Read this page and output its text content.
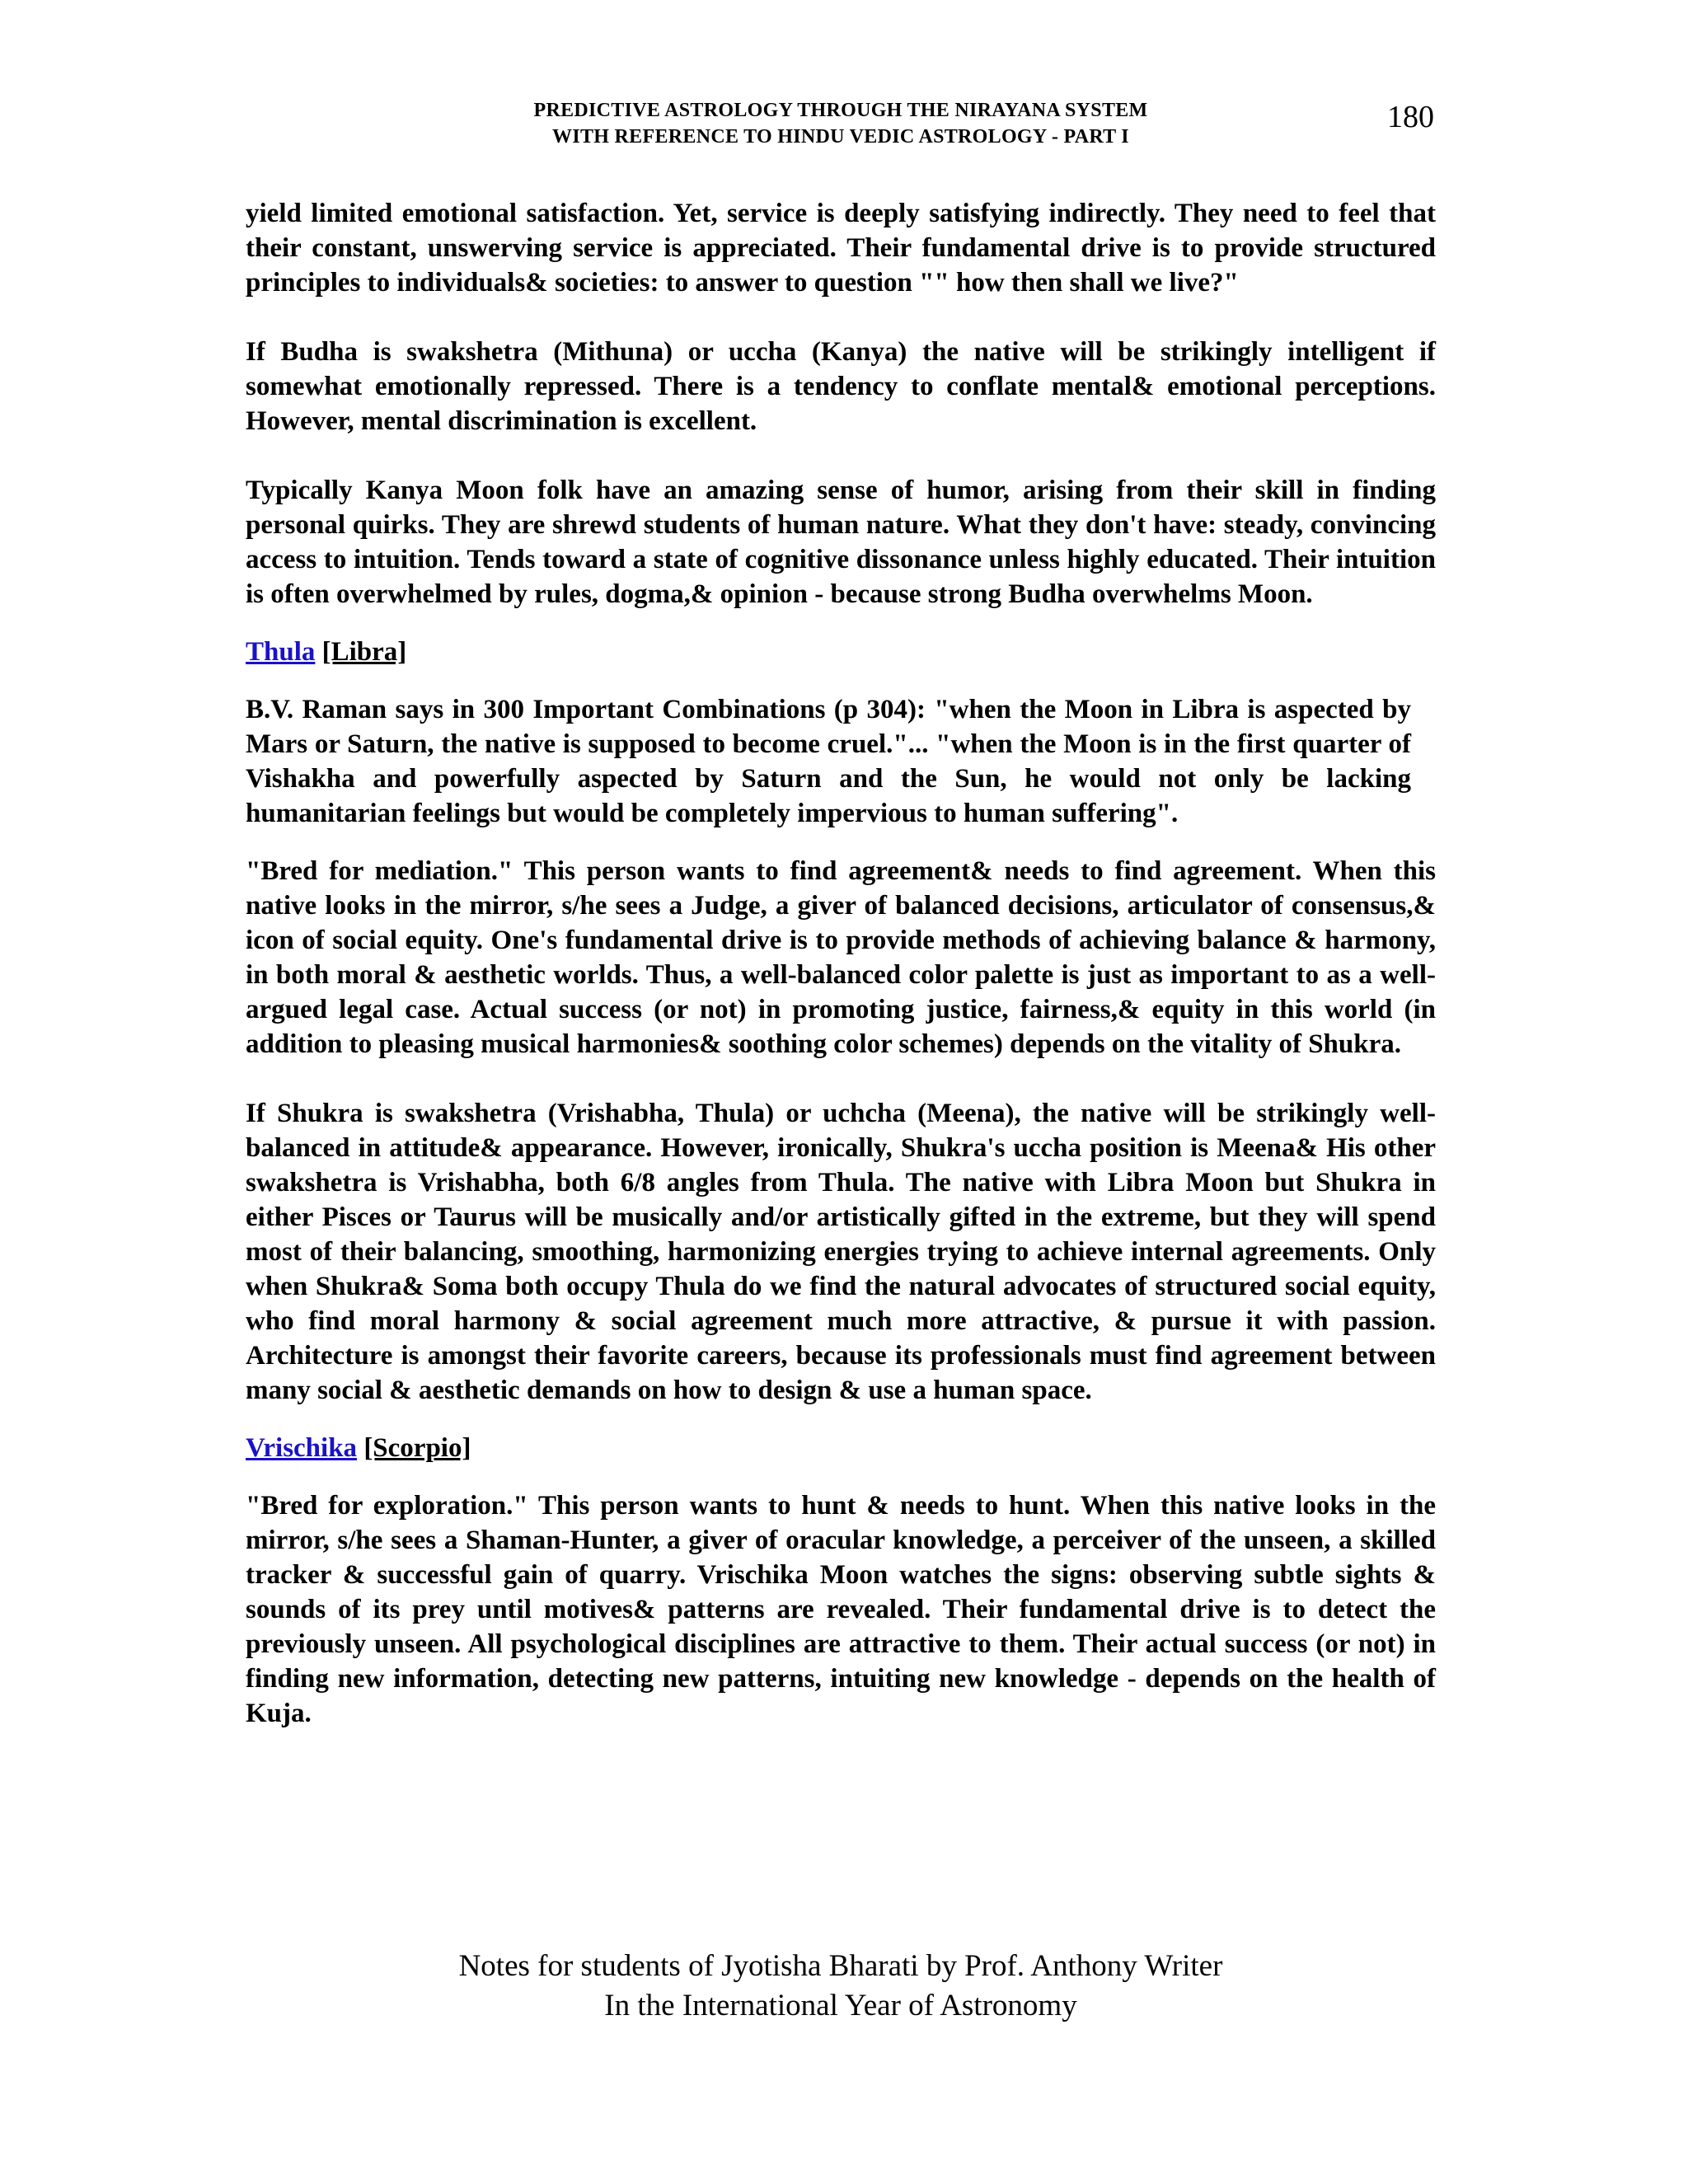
PREDICTIVE ASTROLOGY THROUGH THE NIRAYANA SYSTEM
WITH REFERENCE TO HINDU VEDIC ASTROLOGY - PART I
180

yield limited emotional satisfaction. Yet, service is deeply satisfying indirectly. They need to feel that their constant, unswerving service is appreciated. Their fundamental drive is to provide structured principles to individuals& societies: to answer to question "" how then shall we live?"

If Budha is swakshetra (Mithuna) or uccha (Kanya) the native will be strikingly intelligent if somewhat emotionally repressed. There is a tendency to conflate mental& emotional perceptions. However, mental discrimination is excellent.

Typically Kanya Moon folk have an amazing sense of humor, arising from their skill in finding personal quirks. They are shrewd students of human nature. What they don't have: steady, convincing access to intuition. Tends toward a state of cognitive dissonance unless highly educated. Their intuition is often overwhelmed by rules, dogma,& opinion - because strong Budha overwhelms Moon.

Thula [Libra]

B.V. Raman says in 300 Important Combinations (p 304): "when the Moon in Libra is aspected by Mars or Saturn, the native is supposed to become cruel."... "when the Moon is in the first quarter of Vishakha and powerfully aspected by Saturn and the Sun, he would not only be lacking humanitarian feelings but would be completely impervious to human suffering".

"Bred for mediation." This person wants to find agreement& needs to find agreement. When this native looks in the mirror, s/he sees a Judge, a giver of balanced decisions, articulator of consensus,& icon of social equity. One's fundamental drive is to provide methods of achieving balance & harmony, in both moral & aesthetic worlds. Thus, a well-balanced color palette is just as important to as a well-argued legal case. Actual success (or not) in promoting justice, fairness,& equity in this world (in addition to pleasing musical harmonies& soothing color schemes) depends on the vitality of Shukra.

If Shukra is swakshetra (Vrishabha, Thula) or uchcha (Meena), the native will be strikingly well-balanced in attitude& appearance. However, ironically, Shukra's uccha position is Meena& His other swakshetra is Vrishabha, both 6/8 angles from Thula. The native with Libra Moon but Shukra in either Pisces or Taurus will be musically and/or artistically gifted in the extreme, but they will spend most of their balancing, smoothing, harmonizing energies trying to achieve internal agreements. Only when Shukra& Soma both occupy Thula do we find the natural advocates of structured social equity, who find moral harmony & social agreement much more attractive, & pursue it with passion. Architecture is amongst their favorite careers, because its professionals must find agreement between many social & aesthetic demands on how to design & use a human space.

Vrischika [Scorpio]

"Bred for exploration." This person wants to hunt & needs to hunt. When this native looks in the mirror, s/he sees a Shaman-Hunter, a giver of oracular knowledge, a perceiver of the unseen, a skilled tracker & successful gain of quarry. Vrischika Moon watches the signs: observing subtle sights & sounds of its prey until motives& patterns are revealed. Their fundamental drive is to detect the previously unseen. All psychological disciplines are attractive to them. Their actual success (or not) in finding new information, detecting new patterns, intuiting new knowledge - depends on the health of Kuja.

Notes for students of Jyotisha Bharati by Prof. Anthony Writer
In the International Year of Astronomy
